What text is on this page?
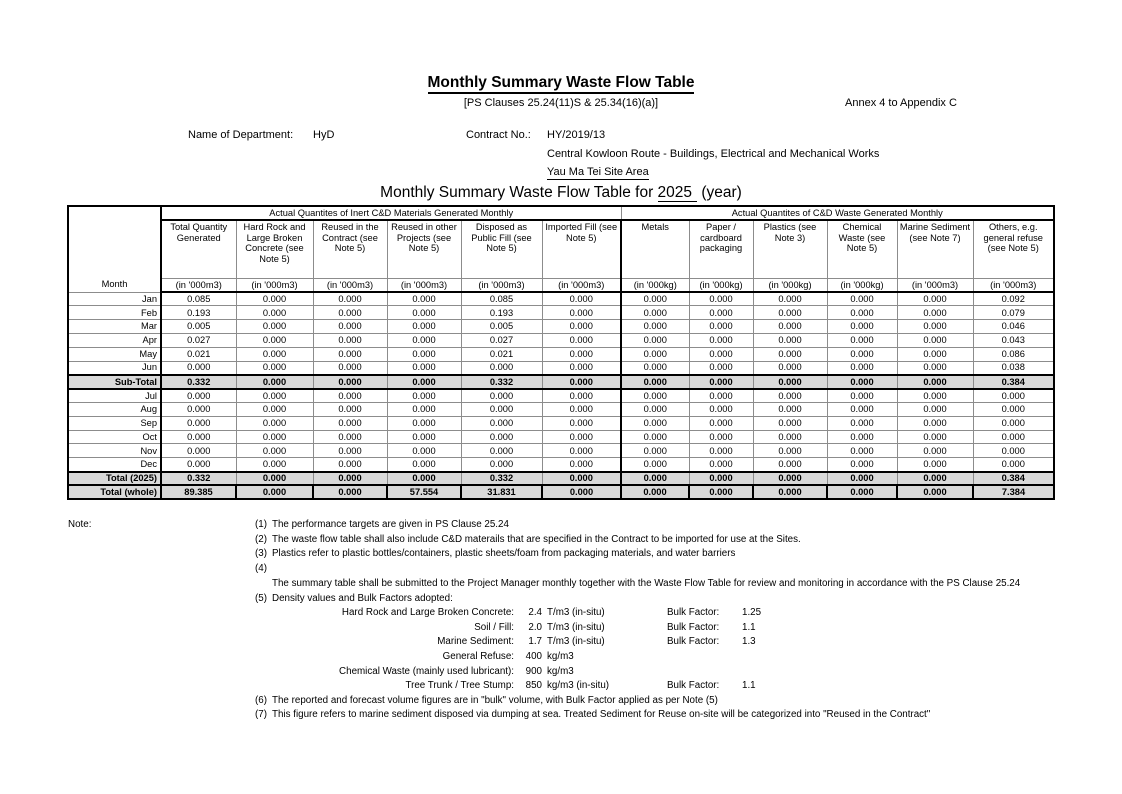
Monthly Summary Waste Flow Table
[PS Clauses 25.24(11)S & 25.34(16)(a)]	Annex 4 to Appendix C
Name of Department: HyD	Contract No.: HY/2019/13
Central Kowloon Route - Buildings, Electrical and Mechanical Works
Yau Ma Tei Site Area
Monthly Summary Waste Flow Table for 2025 (year)
Month	Actual Quantites of Inert C&D Materials Generated Monthly						Actual Quantites of C&D Waste Generated Monthly					
	Total Quantity Generated	Hard Rock and Large Broken Concrete (see Note 5)	Reused in the Contract (see Note 5)	Reused in other Projects (see Note 5)	Disposed as Public Fill (see Note 5)	Imported Fill (see Note 5)	Metals	Paper / cardboard packaging	Plastics (see Note 3)	Chemical Waste (see Note 5)	Marine Sediment (see Note 7)	Others, e.g. general refuse (see Note 5)
	(in '000m3)	(in '000m3)	(in '000m3)	(in '000m3)	(in '000m3)	(in '000m3)	(in '000kg)	(in '000kg)	(in '000kg)	(in '000kg)	(in '000m3)	(in '000m3)
Jan	0.085	0.000	0.000	0.000	0.085	0.000	0.000	0.000	0.000	0.000	0.000	0.092
Feb	0.193	0.000	0.000	0.000	0.193	0.000	0.000	0.000	0.000	0.000	0.000	0.079
Mar	0.005	0.000	0.000	0.000	0.005	0.000	0.000	0.000	0.000	0.000	0.000	0.046
Apr	0.027	0.000	0.000	0.000	0.027	0.000	0.000	0.000	0.000	0.000	0.000	0.043
May	0.021	0.000	0.000	0.000	0.021	0.000	0.000	0.000	0.000	0.000	0.000	0.086
Jun	0.000	0.000	0.000	0.000	0.000	0.000	0.000	0.000	0.000	0.000	0.000	0.038
Sub-Total	0.332	0.000	0.000	0.000	0.332	0.000	0.000	0.000	0.000	0.000	0.000	0.384
Jul	0.000	0.000	0.000	0.000	0.000	0.000	0.000	0.000	0.000	0.000	0.000	0.000
Aug	0.000	0.000	0.000	0.000	0.000	0.000	0.000	0.000	0.000	0.000	0.000	0.000
Sep	0.000	0.000	0.000	0.000	0.000	0.000	0.000	0.000	0.000	0.000	0.000	0.000
Oct	0.000	0.000	0.000	0.000	0.000	0.000	0.000	0.000	0.000	0.000	0.000	0.000
Nov	0.000	0.000	0.000	0.000	0.000	0.000	0.000	0.000	0.000	0.000	0.000	0.000
Dec	0.000	0.000	0.000	0.000	0.000	0.000	0.000	0.000	0.000	0.000	0.000	0.000
Total (2025)	0.332	0.000	0.000	0.000	0.332	0.000	0.000	0.000	0.000	0.000	0.000	0.384
Total (whole)	89.385	0.000	0.000	57.554	31.831	0.000	0.000	0.000	0.000	0.000	0.000	7.384
Note:	(1) The performance targets are given in PS Clause 25.24
(2) The waste flow table shall also include C&D materails that are specified in the Contract to be imported for use at the Sites.
(3) Plastics refer to plastic bottles/containers, plastic sheets/foam from packaging materials, and water barriers
(4)
The summary table shall be submitted to the Project Manager monthly together with the Waste Flow Table for review and monitoring in accordance with the PS Clause 25.24
(5) Density values and Bulk Factors adopted:
Hard Rock and Large Broken Concrete:	2.4 T/m3 (in-situ)	Bulk Factor:	1.25
Soil / Fill:	2.0 T/m3 (in-situ)	Bulk Factor:	1.1
Marine Sediment:	1.7 T/m3 (in-situ)	Bulk Factor:	1.3
General Refuse:	400 kg/m3
Chemical Waste (mainly used lubricant):	900 kg/m3
Tree Trunk / Tree Stump:	850 kg/m3 (in-situ)	Bulk Factor:	1.1
(6) The reported and forecast volume figures are in "bulk" volume, with Bulk Factor applied as per Note (5)
(7) This figure refers to marine sediment disposed via dumping at sea. Treated Sediment for Reuse on-site will be categorized into "Reused in the Contract"
